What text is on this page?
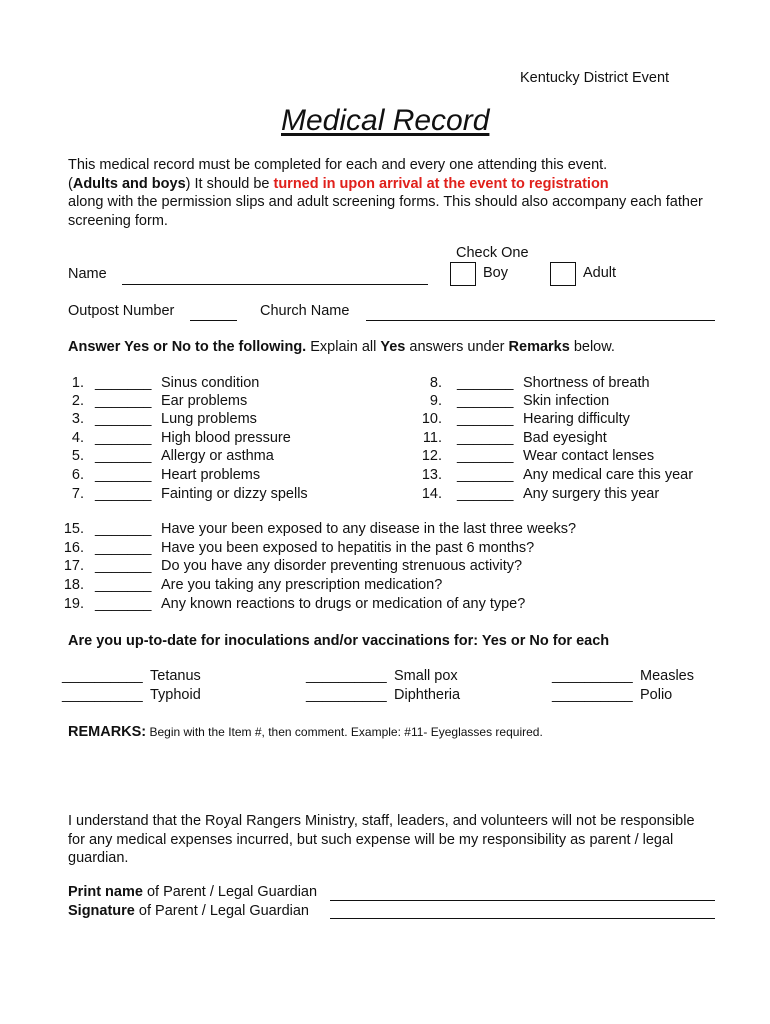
Kentucky District Event
Medical Record
This medical record must be completed for each and every one attending this event.
(Adults and boys) It should be turned in upon arrival at the event to registration
along with the permission slips and adult screening forms. This should also accompany each father screening form.
Check One
Boy	Adult
Name
Outpost Number	Church Name
Answer Yes or No to the following. Explain all Yes answers under Remarks below.
1. _______ Sinus condition
2. _______ Ear problems
3. _______ Lung problems
4. _______ High blood pressure
5. _______ Allergy or asthma
6. _______ Heart problems
7. _______ Fainting or dizzy spells
8. _______ Shortness of breath
9. _______ Skin infection
10. _______ Hearing difficulty
11. _______ Bad eyesight
12. _______ Wear contact lenses
13. _______ Any medical care this year
14. _______ Any surgery this year
15. _______ Have your been exposed to any disease in the last three weeks?
16. _______ Have you been exposed to hepatitis in the past 6 months?
17. _______ Do you have any disorder preventing strenuous activity?
18. _______ Are you taking any prescription medication?
19. _______ Any known reactions to drugs or medication of any type?
Are you up-to-date for inoculations and/or vaccinations for: Yes or No for each
__________ Tetanus
__________ Typhoid
__________ Small pox
__________ Diphtheria
__________ Measles
__________ Polio
REMARKS: Begin with the Item #, then comment. Example: #11- Eyeglasses required.
I understand that the Royal Rangers Ministry, staff, leaders, and volunteers will not be responsible for any medical expenses incurred, but such expense will be my responsibility as parent / legal guardian.
Print name of Parent / Legal Guardian
Signature of Parent / Legal Guardian
